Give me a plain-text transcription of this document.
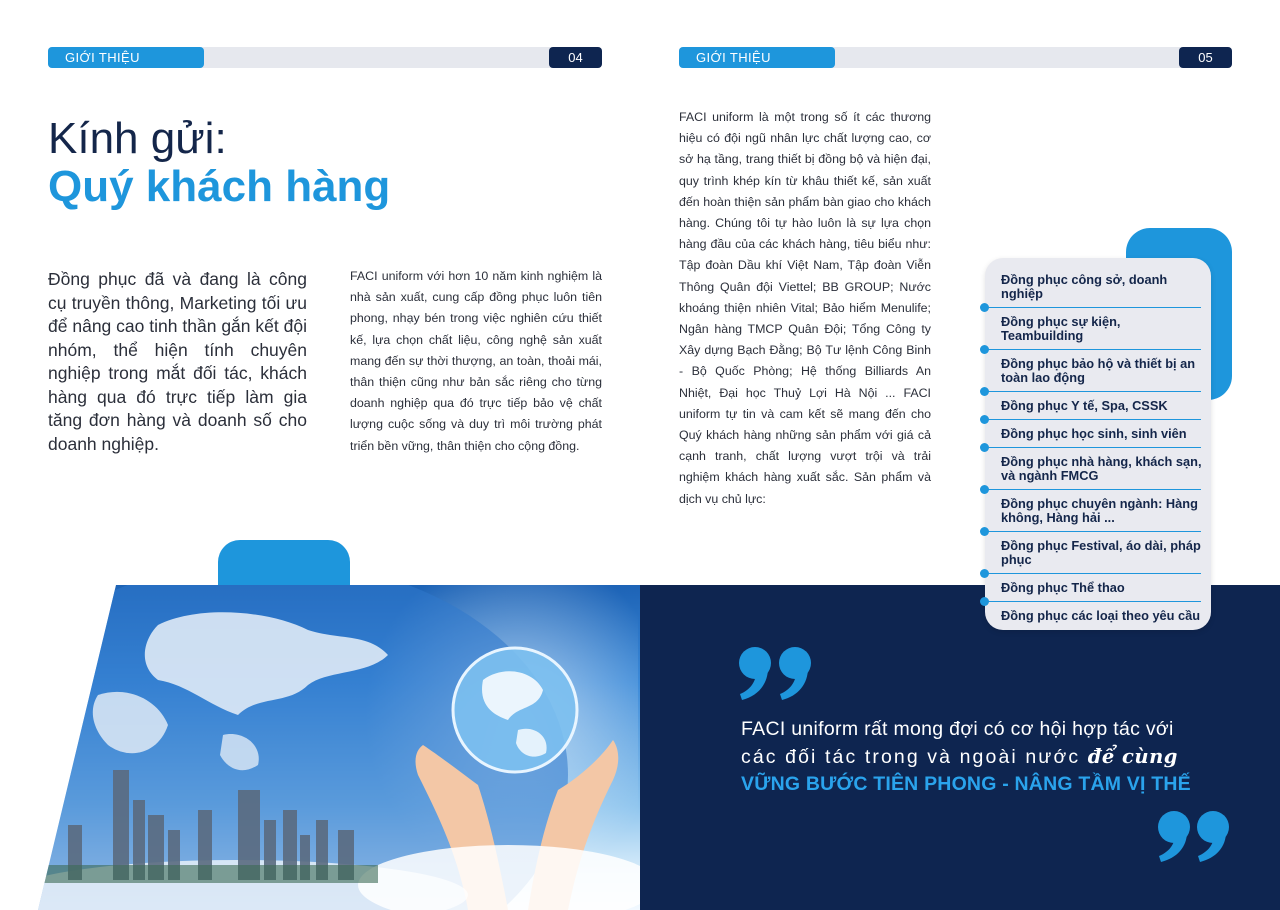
GIỚI THIỆU	04	GIỚI THIỆU	05
Kính gửi:
Quý khách hàng

Đồng phục đã và đang là công cụ truyền thông, Marketing tối ưu để nâng cao tinh thần gắn kết đội nhóm, thể hiện tính chuyên nghiệp trong mắt đối tác, khách hàng qua đó trực tiếp làm gia tăng đơn hàng và doanh số cho doanh nghiệp.

FACI uniform với hơn 10 năm kinh nghiệm là nhà sản xuất, cung cấp đồng phục luôn tiên phong, nhạy bén trong việc nghiên cứu thiết kế, lựa chọn chất liệu, công nghệ sản xuất mang đến sự thời thượng, an toàn, thoải mái, thân thiện cũng như bản sắc riêng cho từng doanh nghiệp qua đó trực tiếp bảo vệ chất lượng cuộc sống và duy trì môi trường phát triển bền vững, thân thiện cho cộng đồng.

FACI uniform là một trong số ít các thương hiệu có đội ngũ nhân lực chất lượng cao, cơ sở hạ tầng, trang thiết bị đồng bộ và hiện đại, quy trình khép kín từ khâu thiết kế, sản xuất đến hoàn thiện sản phẩm bàn giao cho khách hàng. Chúng tôi tự hào luôn là sự lựa chọn hàng đầu của các khách hàng, tiêu biểu như: Tập đoàn Dầu khí Việt Nam, Tập đoàn Viễn Thông Quân đội Viettel; BB GROUP; Nước khoáng thiện nhiên Vital; Bảo hiểm Menulife; Ngân hàng TMCP Quân Đội; Tổng Công ty Xây dựng Bạch Đằng; Bộ Tư lệnh Công Binh - Bộ Quốc Phòng; Hệ thống Billiards An Nhiệt, Đại học Thuỷ Lợi Hà Nội ... FACI uniform tự tin và cam kết sẽ mang đến cho Quý khách hàng những sản phẩm với giá cả cạnh tranh, chất lượng vượt trội và trải nghiệm khách hàng xuất sắc. Sản phẩm và dịch vụ chủ lực:

FACI uniform rất mong đợi có cơ hội hợp tác với
các đối tác trong và ngoài nước để cùng
VỮNG BƯỚC TIÊN PHONG - NÂNG TẦM VỊ THẾ
Đồng phục công sở, doanh nghiệp
Đồng phục sự kiện, Teambuilding
Đồng phục bảo hộ và thiết bị an toàn lao động
Đồng phục Y tế, Spa, CSSK
Đồng phục học sinh, sinh viên
Đồng phục nhà hàng, khách sạn, và ngành FMCG
Đồng phục chuyên ngành: Hàng không, Hàng hải ...
Đồng phục Festival, áo dài, pháp phục
Đồng phục Thể thao
Đồng phục các loại theo yêu cầu
